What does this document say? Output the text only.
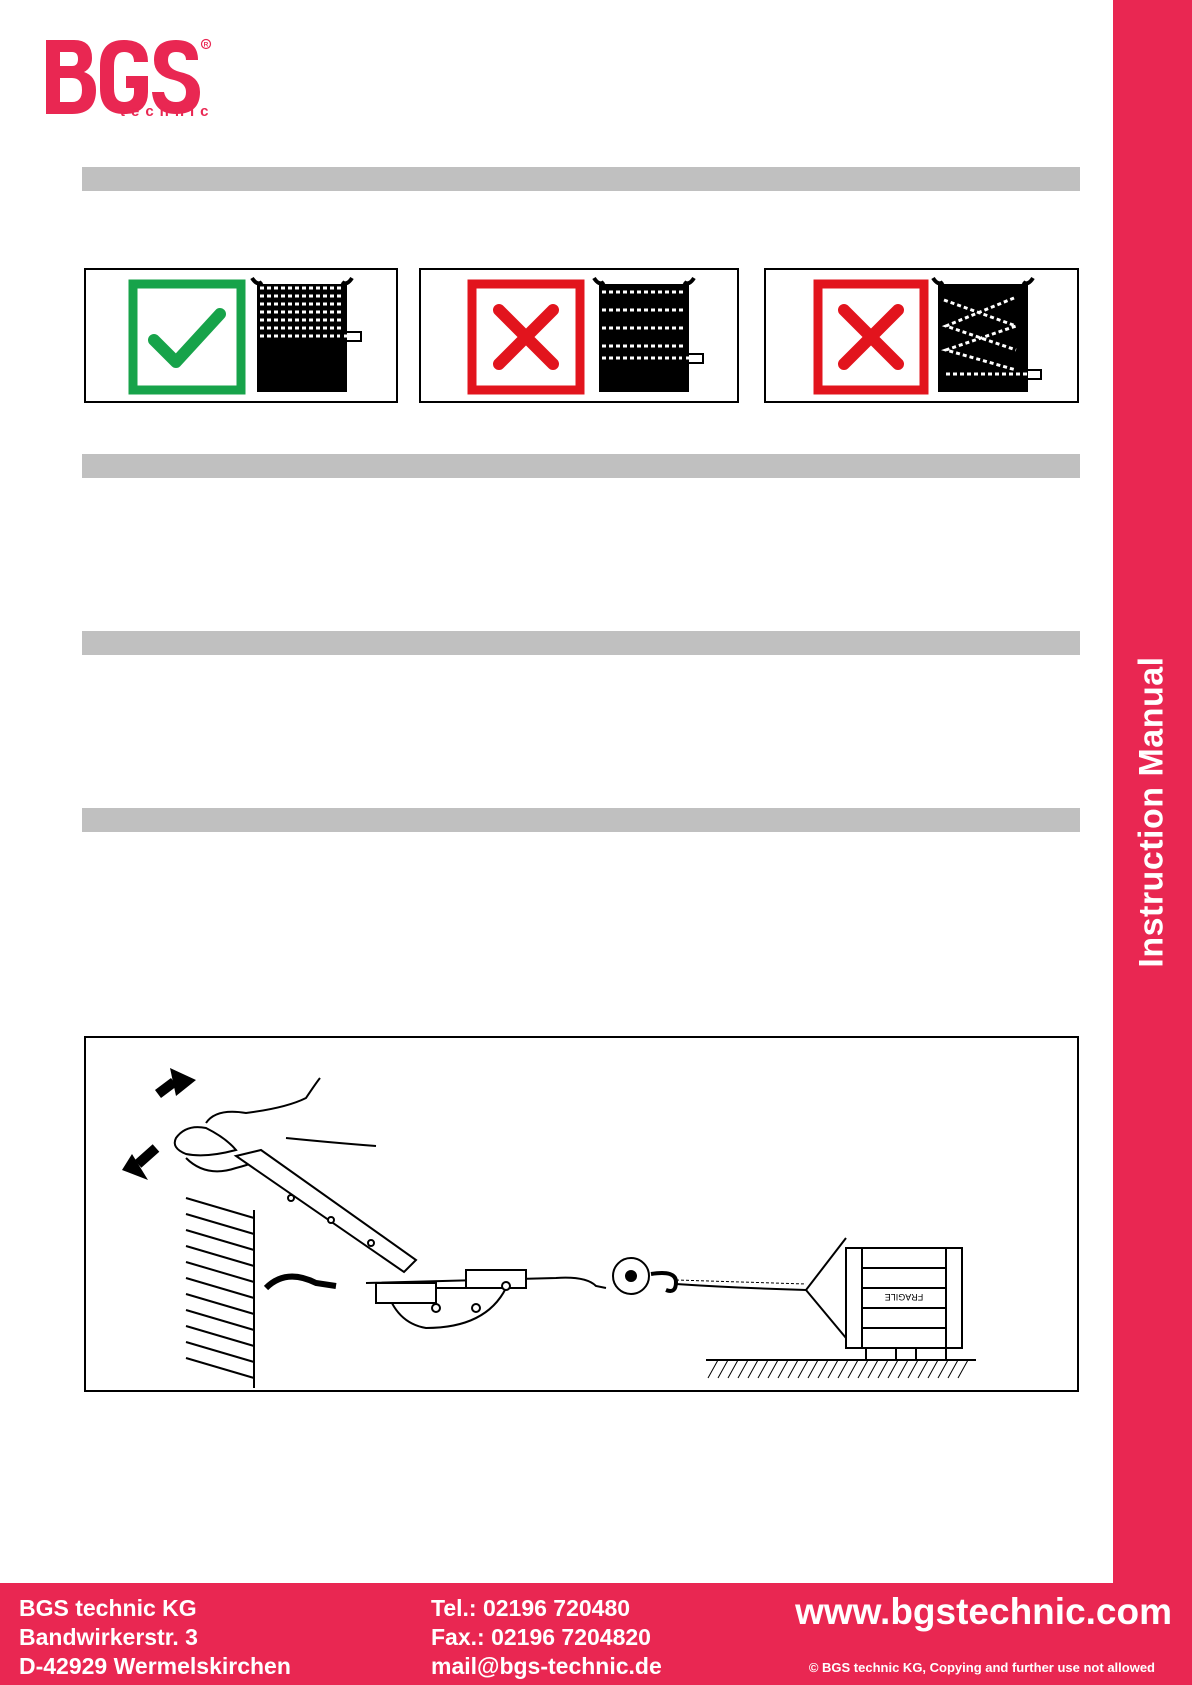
R
technic
FRAGILE
Instruction Manual
BGS technic KG
Bandwirkerstr. 3
D-42929 Wermelskirchen
Tel.: 02196 720480
Fax.: 02196 7204820
mail@bgs-technic.de
www.bgstechnic.com
© BGS technic KG, Copying and further use not allowed
